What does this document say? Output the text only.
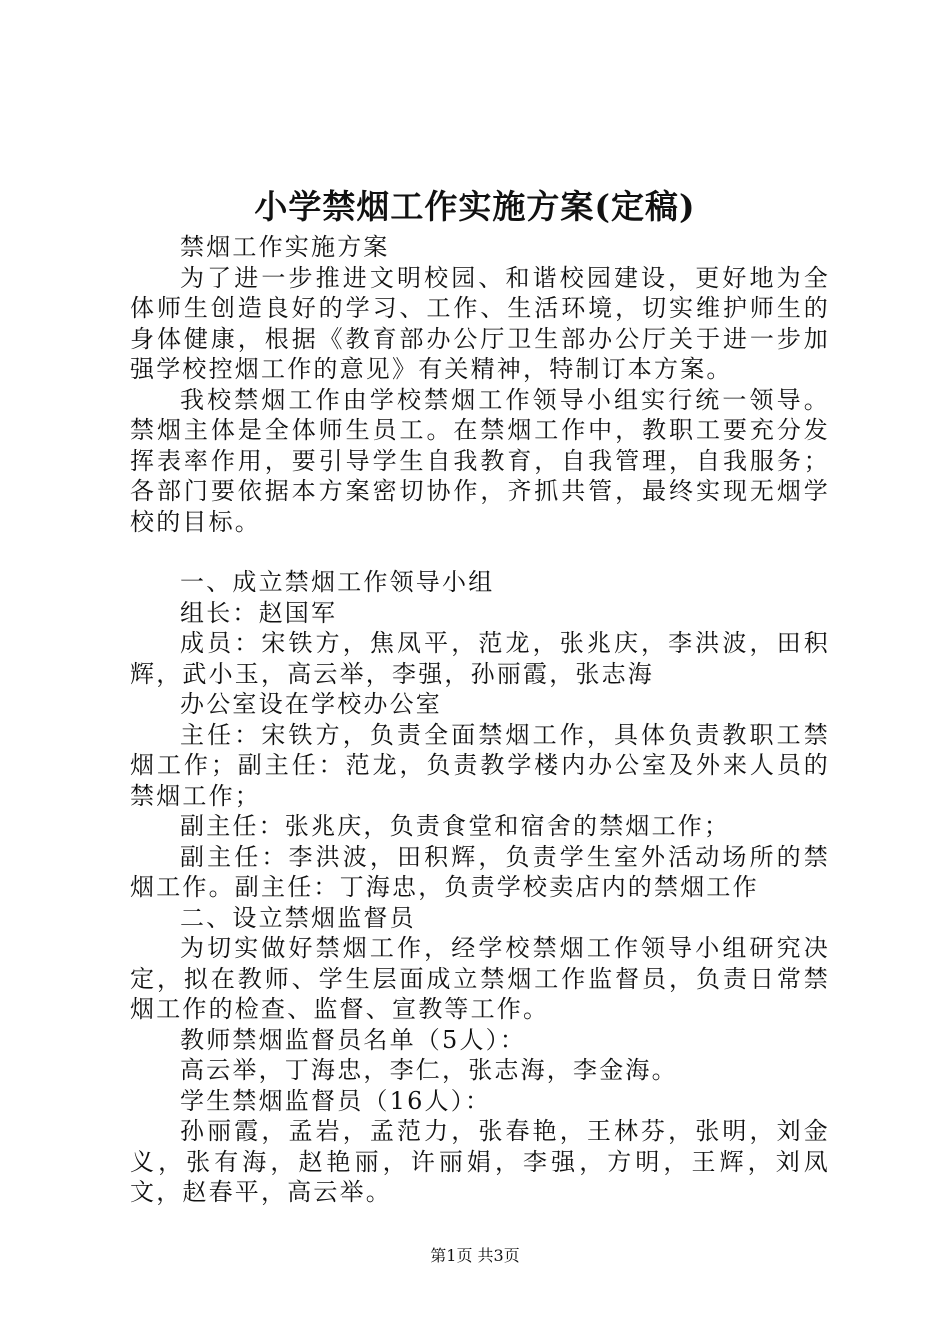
小学禁烟工作实施方案(定稿)

禁烟工作实施方案

为了进一步推进文明校园、和谐校园建设，更好地为全体师生创造良好的学习、工作、生活环境，切实维护师生的身体健康，根据《教育部办公厅卫生部办公厅关于进一步加强学校控烟工作的意见》有关精神，特制订本方案。

我校禁烟工作由学校禁烟工作领导小组实行统一领导。禁烟主体是全体师生员工。在禁烟工作中，教职工要充分发挥表率作用，要引导学生自我教育，自我管理，自我服务；各部门要依据本方案密切协作，齐抓共管，最终实现无烟学校的目标。

一、成立禁烟工作领导小组

组长：赵国军

成员：宋铁方，焦凤平，范龙，张兆庆，李洪波，田积辉，武小玉，高云举，李强，孙丽霞，张志海

办公室设在学校办公室

主任：宋铁方，负责全面禁烟工作，具体负责教职工禁烟工作；副主任：范龙，负责教学楼内办公室及外来人员的禁烟工作；

副主任：张兆庆，负责食堂和宿舍的禁烟工作；

副主任：李洪波，田积辉，负责学生室外活动场所的禁烟工作。副主任：丁海忠，负责学校卖店内的禁烟工作

二、设立禁烟监督员

为切实做好禁烟工作，经学校禁烟工作领导小组研究决定，拟在教师、学生层面成立禁烟工作监督员，负责日常禁烟工作的检查、监督、宣教等工作。

教师禁烟监督员名单（5人）：

高云举，丁海忠，李仁，张志海，李金海。

学生禁烟监督员（16人）：

孙丽霞，孟岩，孟范力，张春艳，王林芬，张明，刘金义，张有海，赵艳丽，许丽娟，李强，方明，王辉，刘凤文，赵春平，高云举。

第1页 共3页
